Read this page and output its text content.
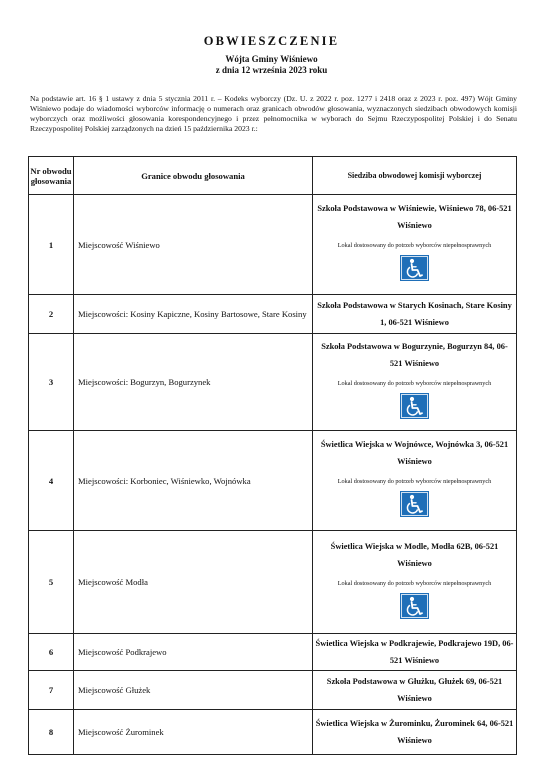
OBWIESZCZENIE
Wójta Gminy Wiśniewo
z dnia 12 września 2023 roku
Na podstawie art. 16 § 1 ustawy z dnia 5 stycznia 2011 r. – Kodeks wyborczy (Dz. U. z 2022 r. poz. 1277 i 2418 oraz z 2023 r. poz. 497) Wójt Gminy Wiśniewo podaje do wiadomości wyborców informację o numerach oraz granicach obwodów głosowania, wyznaczonych siedzibach obwodowych komisji wyborczych oraz możliwości głosowania korespondencyjnego i przez pełnomocnika w wyborach do Sejmu Rzeczypospolitej Polskiej i do Senatu Rzeczypospolitej Polskiej zarządzonych na dzień 15 października 2023 r.:
Nr obwodu głosowania	Granice obwodu głosowania	Siedziba obwodowej komisji wyborczej
1	Miejscowość Wiśniewo	Szkoła Podstawowa w Wiśniewie, Wiśniewo 78, 06-521 Wiśniewo
Lokal dostosowany do potrzeb wyborców niepełnosprawnych

2	Miejscowości: Kosiny Kapiczne, Kosiny Bartosowe, Stare Kosiny	Szkoła Podstawowa w Starych Kosinach, Stare Kosiny 1, 06-521 Wiśniewo

3	Miejscowości: Bogurzyn, Bogurzynek	Szkoła Podstawowa w Bogurzynie, Bogurzyn 84, 06-521 Wiśniewo
Lokal dostosowany do potrzeb wyborców niepełnosprawnych

4	Miejscowości: Korboniec, Wiśniewko, Wojnówka	Świetlica Wiejska w Wojnówce, Wojnówka 3, 06-521 Wiśniewo
Lokal dostosowany do potrzeb wyborców niepełnosprawnych

5	Miejscowość Modła	Świetlica Wiejska w Modle, Modła 62B, 06-521 Wiśniewo
Lokal dostosowany do potrzeb wyborców niepełnosprawnych

6	Miejscowość Podkrajewo	Świetlica Wiejska w Podkrajewie, Podkrajewo 19D, 06-521 Wiśniewo

7	Miejscowość Głużek	Szkoła Podstawowa w Głużku, Głużek 69, 06-521 Wiśniewo

8	Miejscowość Żurominek	Świetlica Wiejska w Żurominku, Żurominek 64, 06-521 Wiśniewo
